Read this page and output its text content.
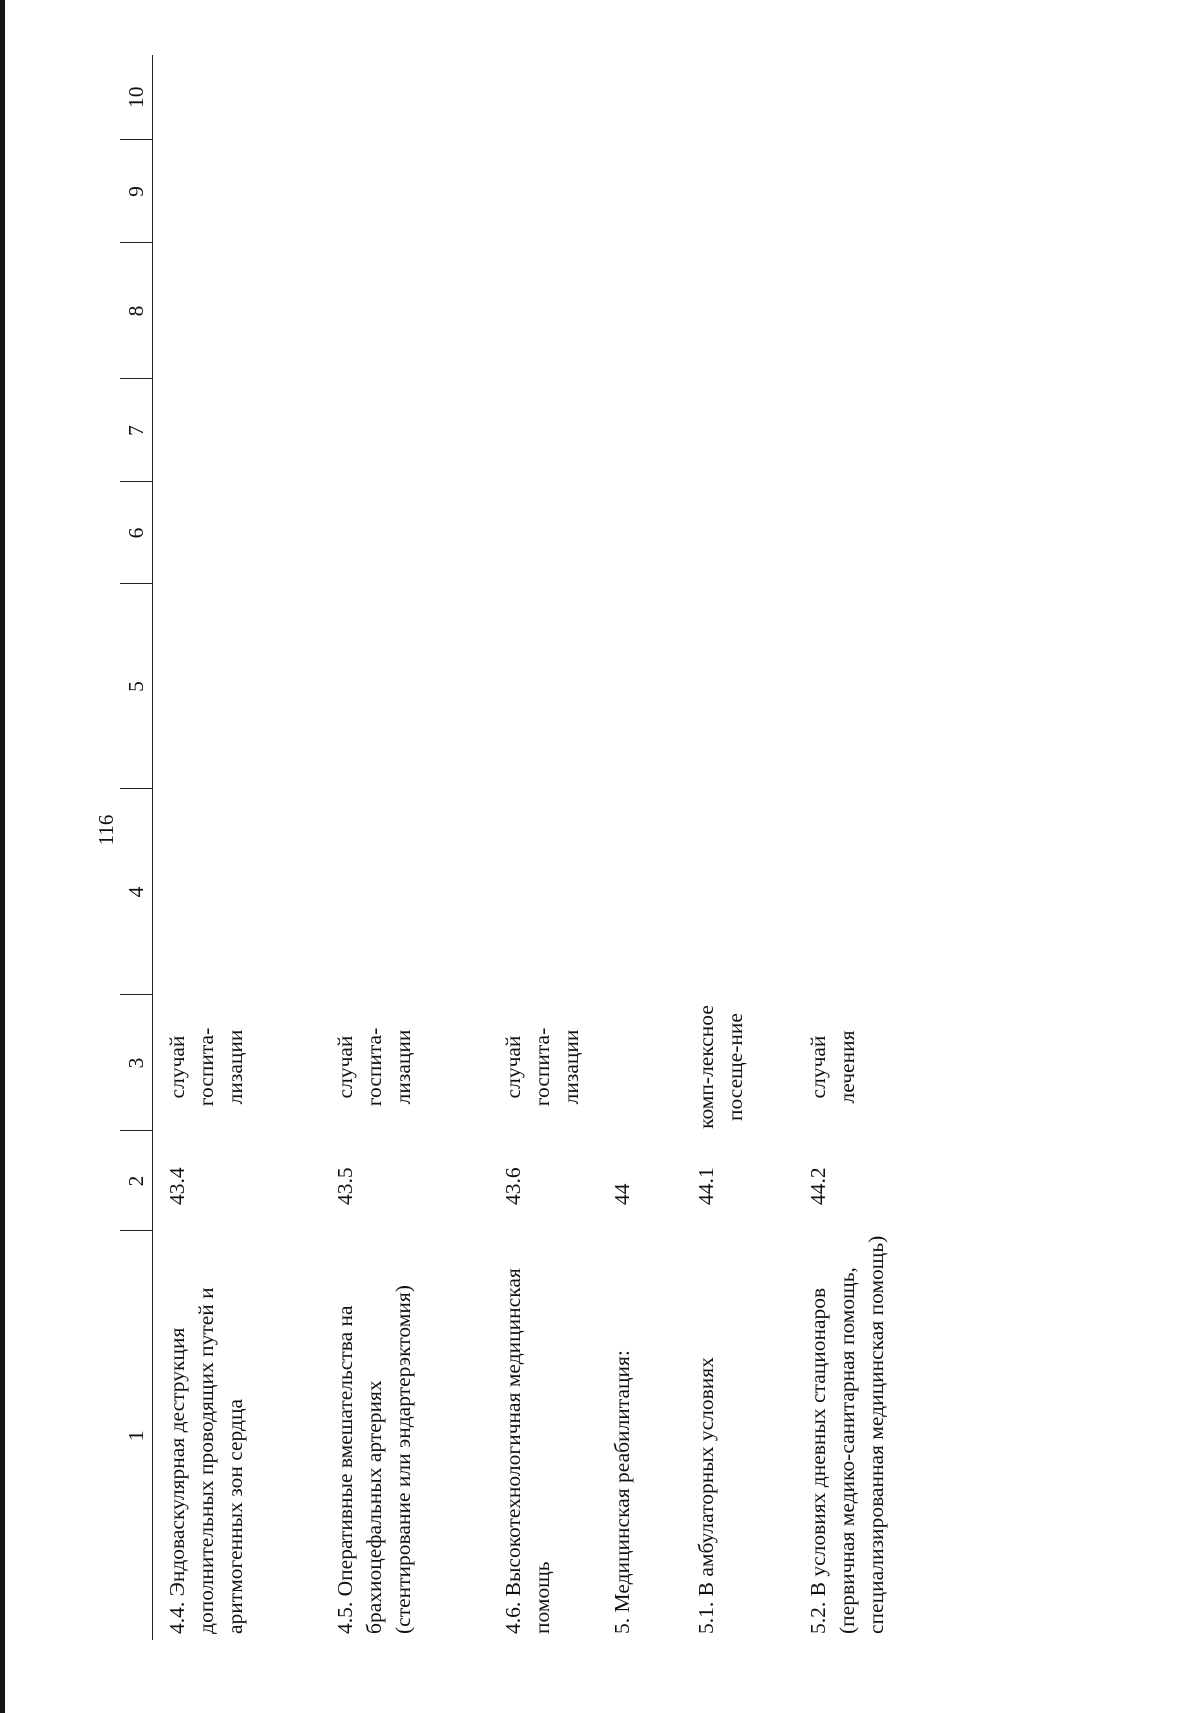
116
1	2	3	4	5	6	7	8	9	10
4.4. Эндоваскулярная деструкция дополнительных проводящих путей и аритмогенных зон сердца	43.4	случай госпита-лизации							
4.5. Оперативные вмешательства на брахиоцефальных артериях (стентирование или эндартерэктомия)	43.5	случай госпита-лизации							
4.6. Высокотехнологичная медицинская помощь	43.6	случай госпита-лизации							
5. Медицинская реабилитация:	44								
5.1. В амбулаторных условиях	44.1	комп-лексное посеще-ние							
5.2. В условиях дневных стационаров (первичная медико-санитарная помощь, специализированная медицинская помощь)	44.2	случай лечения							
